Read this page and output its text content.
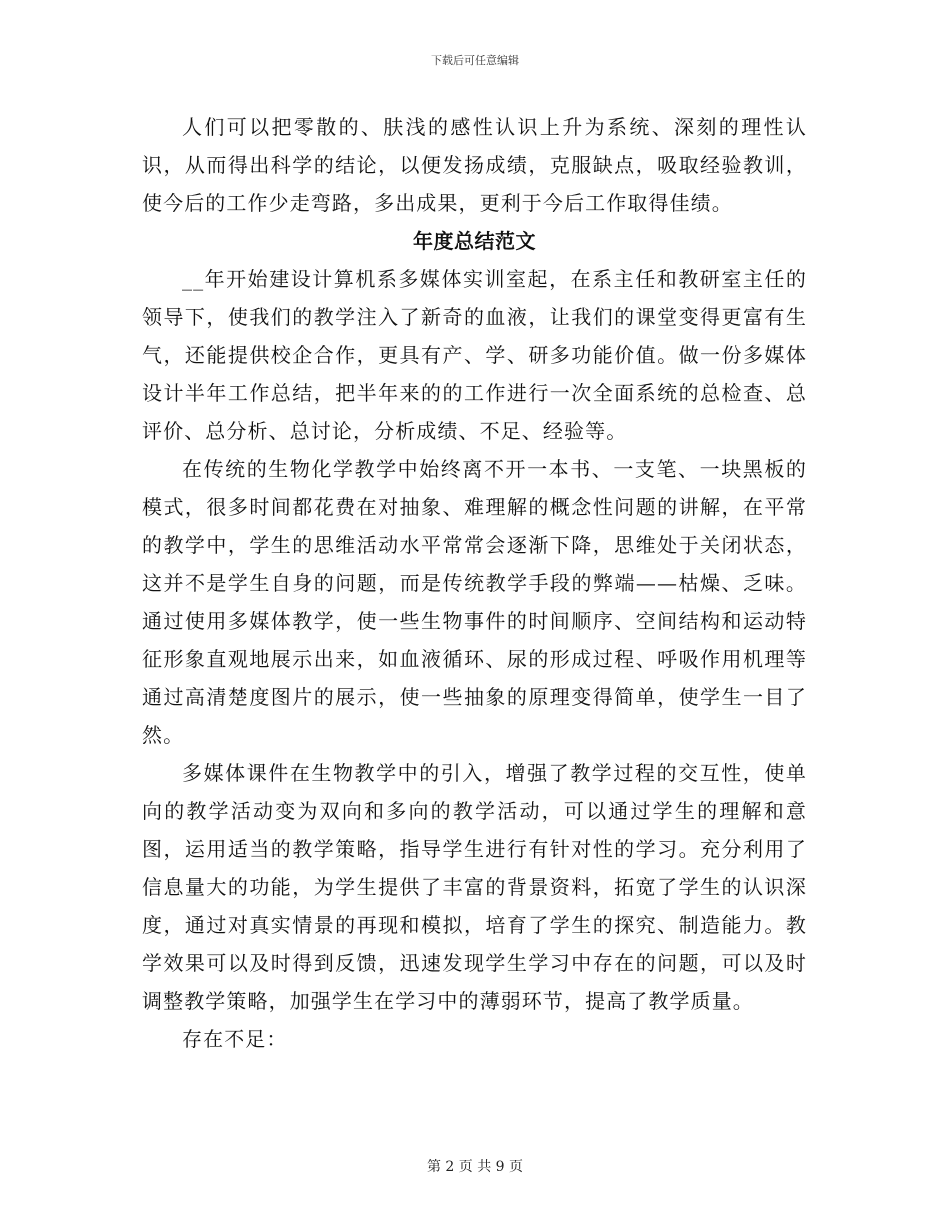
下载后可任意编辑

人们可以把零散的、肤浅的感性认识上升为系统、深刻的理性认识，从而得出科学的结论，以便发扬成绩，克服缺点，吸取经验教训，使今后的工作少走弯路，多出成果，更利于今后工作取得佳绩。

年度总结范文

__年开始建设计算机系多媒体实训室起，在系主任和教研室主任的领导下，使我们的教学注入了新奇的血液，让我们的课堂变得更富有生气，还能提供校企合作，更具有产、学、研多功能价值。做一份多媒体设计半年工作总结，把半年来的的工作进行一次全面系统的总检查、总评价、总分析、总讨论，分析成绩、不足、经验等。

在传统的生物化学教学中始终离不开一本书、一支笔、一块黑板的模式，很多时间都花费在对抽象、难理解的概念性问题的讲解，在平常的教学中，学生的思维活动水平常常会逐渐下降，思维处于关闭状态，这并不是学生自身的问题，而是传统教学手段的弊端——枯燥、乏味。通过使用多媒体教学，使一些生物事件的时间顺序、空间结构和运动特征形象直观地展示出来，如血液循环、尿的形成过程、呼吸作用机理等通过高清楚度图片的展示，使一些抽象的原理变得简单，使学生一目了然。

多媒体课件在生物教学中的引入，增强了教学过程的交互性，使单向的教学活动变为双向和多向的教学活动，可以通过学生的理解和意图，运用适当的教学策略，指导学生进行有针对性的学习。充分利用了信息量大的功能，为学生提供了丰富的背景资料，拓宽了学生的认识深度，通过对真实情景的再现和模拟，培育了学生的探究、制造能力。教学效果可以及时得到反馈，迅速发现学生学习中存在的问题，可以及时调整教学策略，加强学生在学习中的薄弱环节，提高了教学质量。

存在不足：

第 2 页 共 9 页
